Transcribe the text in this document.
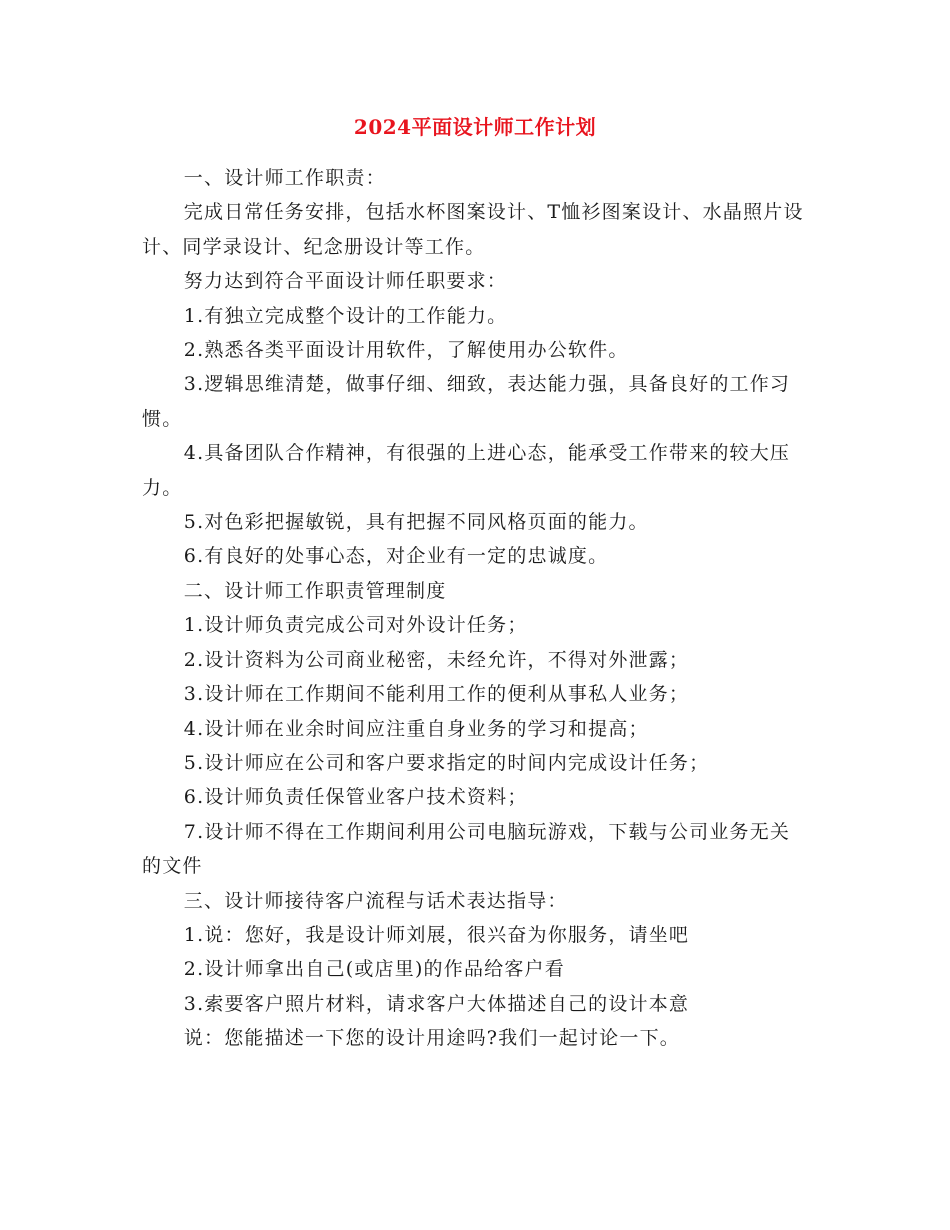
2024平面设计师工作计划

一、设计师工作职责：

完成日常任务安排，包括水杯图案设计、T恤衫图案设计、水晶照片设计、同学录设计、纪念册设计等工作。

努力达到符合平面设计师任职要求：

1.有独立完成整个设计的工作能力。

2.熟悉各类平面设计用软件，了解使用办公软件。

3.逻辑思维清楚，做事仔细、细致，表达能力强，具备良好的工作习惯。

4.具备团队合作精神，有很强的上进心态，能承受工作带来的较大压力。

5.对色彩把握敏锐，具有把握不同风格页面的能力。

6.有良好的处事心态，对企业有一定的忠诚度。

二、设计师工作职责管理制度

1.设计师负责完成公司对外设计任务；

2.设计资料为公司商业秘密，未经允许，不得对外泄露；

3.设计师在工作期间不能利用工作的便利从事私人业务；

4.设计师在业余时间应注重自身业务的学习和提高；

5.设计师应在公司和客户要求指定的时间内完成设计任务；

6.设计师负责任保管业客户技术资料；

7.设计师不得在工作期间利用公司电脑玩游戏，下载与公司业务无关的文件

三、设计师接待客户流程与话术表达指导：

1.说：您好，我是设计师刘展，很兴奋为你服务，请坐吧

2.设计师拿出自己(或店里)的作品给客户看

3.索要客户照片材料，请求客户大体描述自己的设计本意

说：您能描述一下您的设计用途吗?我们一起讨论一下。
